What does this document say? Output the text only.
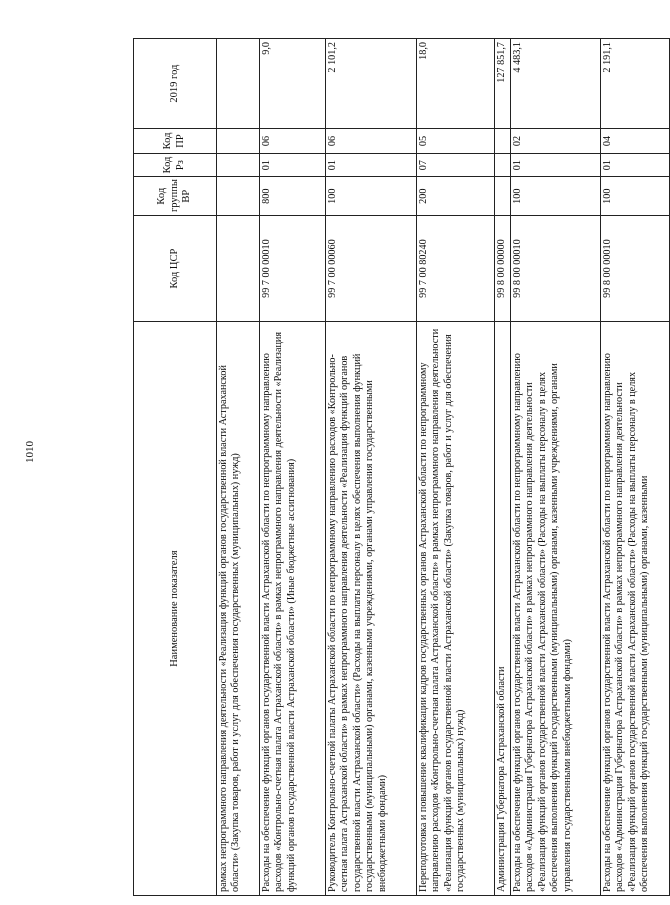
1010
Наименование показателя	Код ЦСР	Код группы ВР	Код Рз	Код ПР	2019 год
рамках непрограммного направления деятельности «Реализация функций органов государственной власти Астраханской области» (Закупка товаров, работ и услуг для обеспечения государственных (муниципальных) нужд)					
Расходы на обеспечение функций органов государственной власти Астраханской области по непрограммному направлению расходов «Контрольно-счетная палата Астраханской области» в рамках непрограммного направления деятельности «Реализация функций органов государственной власти Астраханской области» (Иные бюджетные ассигнования)	99 7 00 00010	800	01	06	9,0
Руководитель Контрольно-счетной палаты Астраханской области по непрограммному направлению расходов «Контрольно-счетная палата Астраханской области» в рамках непрограммного направления деятельности «Реализация функций органов государственной власти Астраханской области» (Расходы на выплаты персоналу в целях обеспечения выполнения функций государственными (муниципальными) органами, казенными учреждениями, органами управления государственными внебюджетными фондами)	99 7 00 00060	100	01	06	2 101,2
Переподготовка и повышение квалификации кадров государственных органов Астраханской области по непрограммному направлению расходов «Контрольно-счетная палата Астраханской области» в рамках непрограммного направления деятельности «Реализация функций органов государственной власти Астраханской области» (Закупка товаров, работ и услуг для обеспечения государственных (муниципальных) нужд)	99 7 00 80240	200	07	05	18,0
Администрация Губернатора Астраханской области	99 8 00 00000				127 851,7
Расходы на обеспечение функций органов государственной власти Астраханской области по непрограммному направлению расходов «Администрация Губернатора Астраханской области» в рамках непрограммного направления деятельности «Реализация функций органов государственной власти Астраханской области» (Расходы на выплаты персоналу в целях обеспечения выполнения функций государственными (муниципальными) органами, казенными учреждениями, органами управления государственными внебюджетными фондами)	99 8 00 00010	100	01	02	4 483,1
Расходы на обеспечение функций органов государственной власти Астраханской области по непрограммному направлению расходов «Администрация Губернатора Астраханской области» в рамках непрограммного направления деятельности «Реализация функций органов государственной власти Астраханской области» (Расходы на выплаты персоналу в целях обеспечения выполнения функций государственными (муниципальными) органами, казенными	99 8 00 00010	100	01	04	2 191,1
